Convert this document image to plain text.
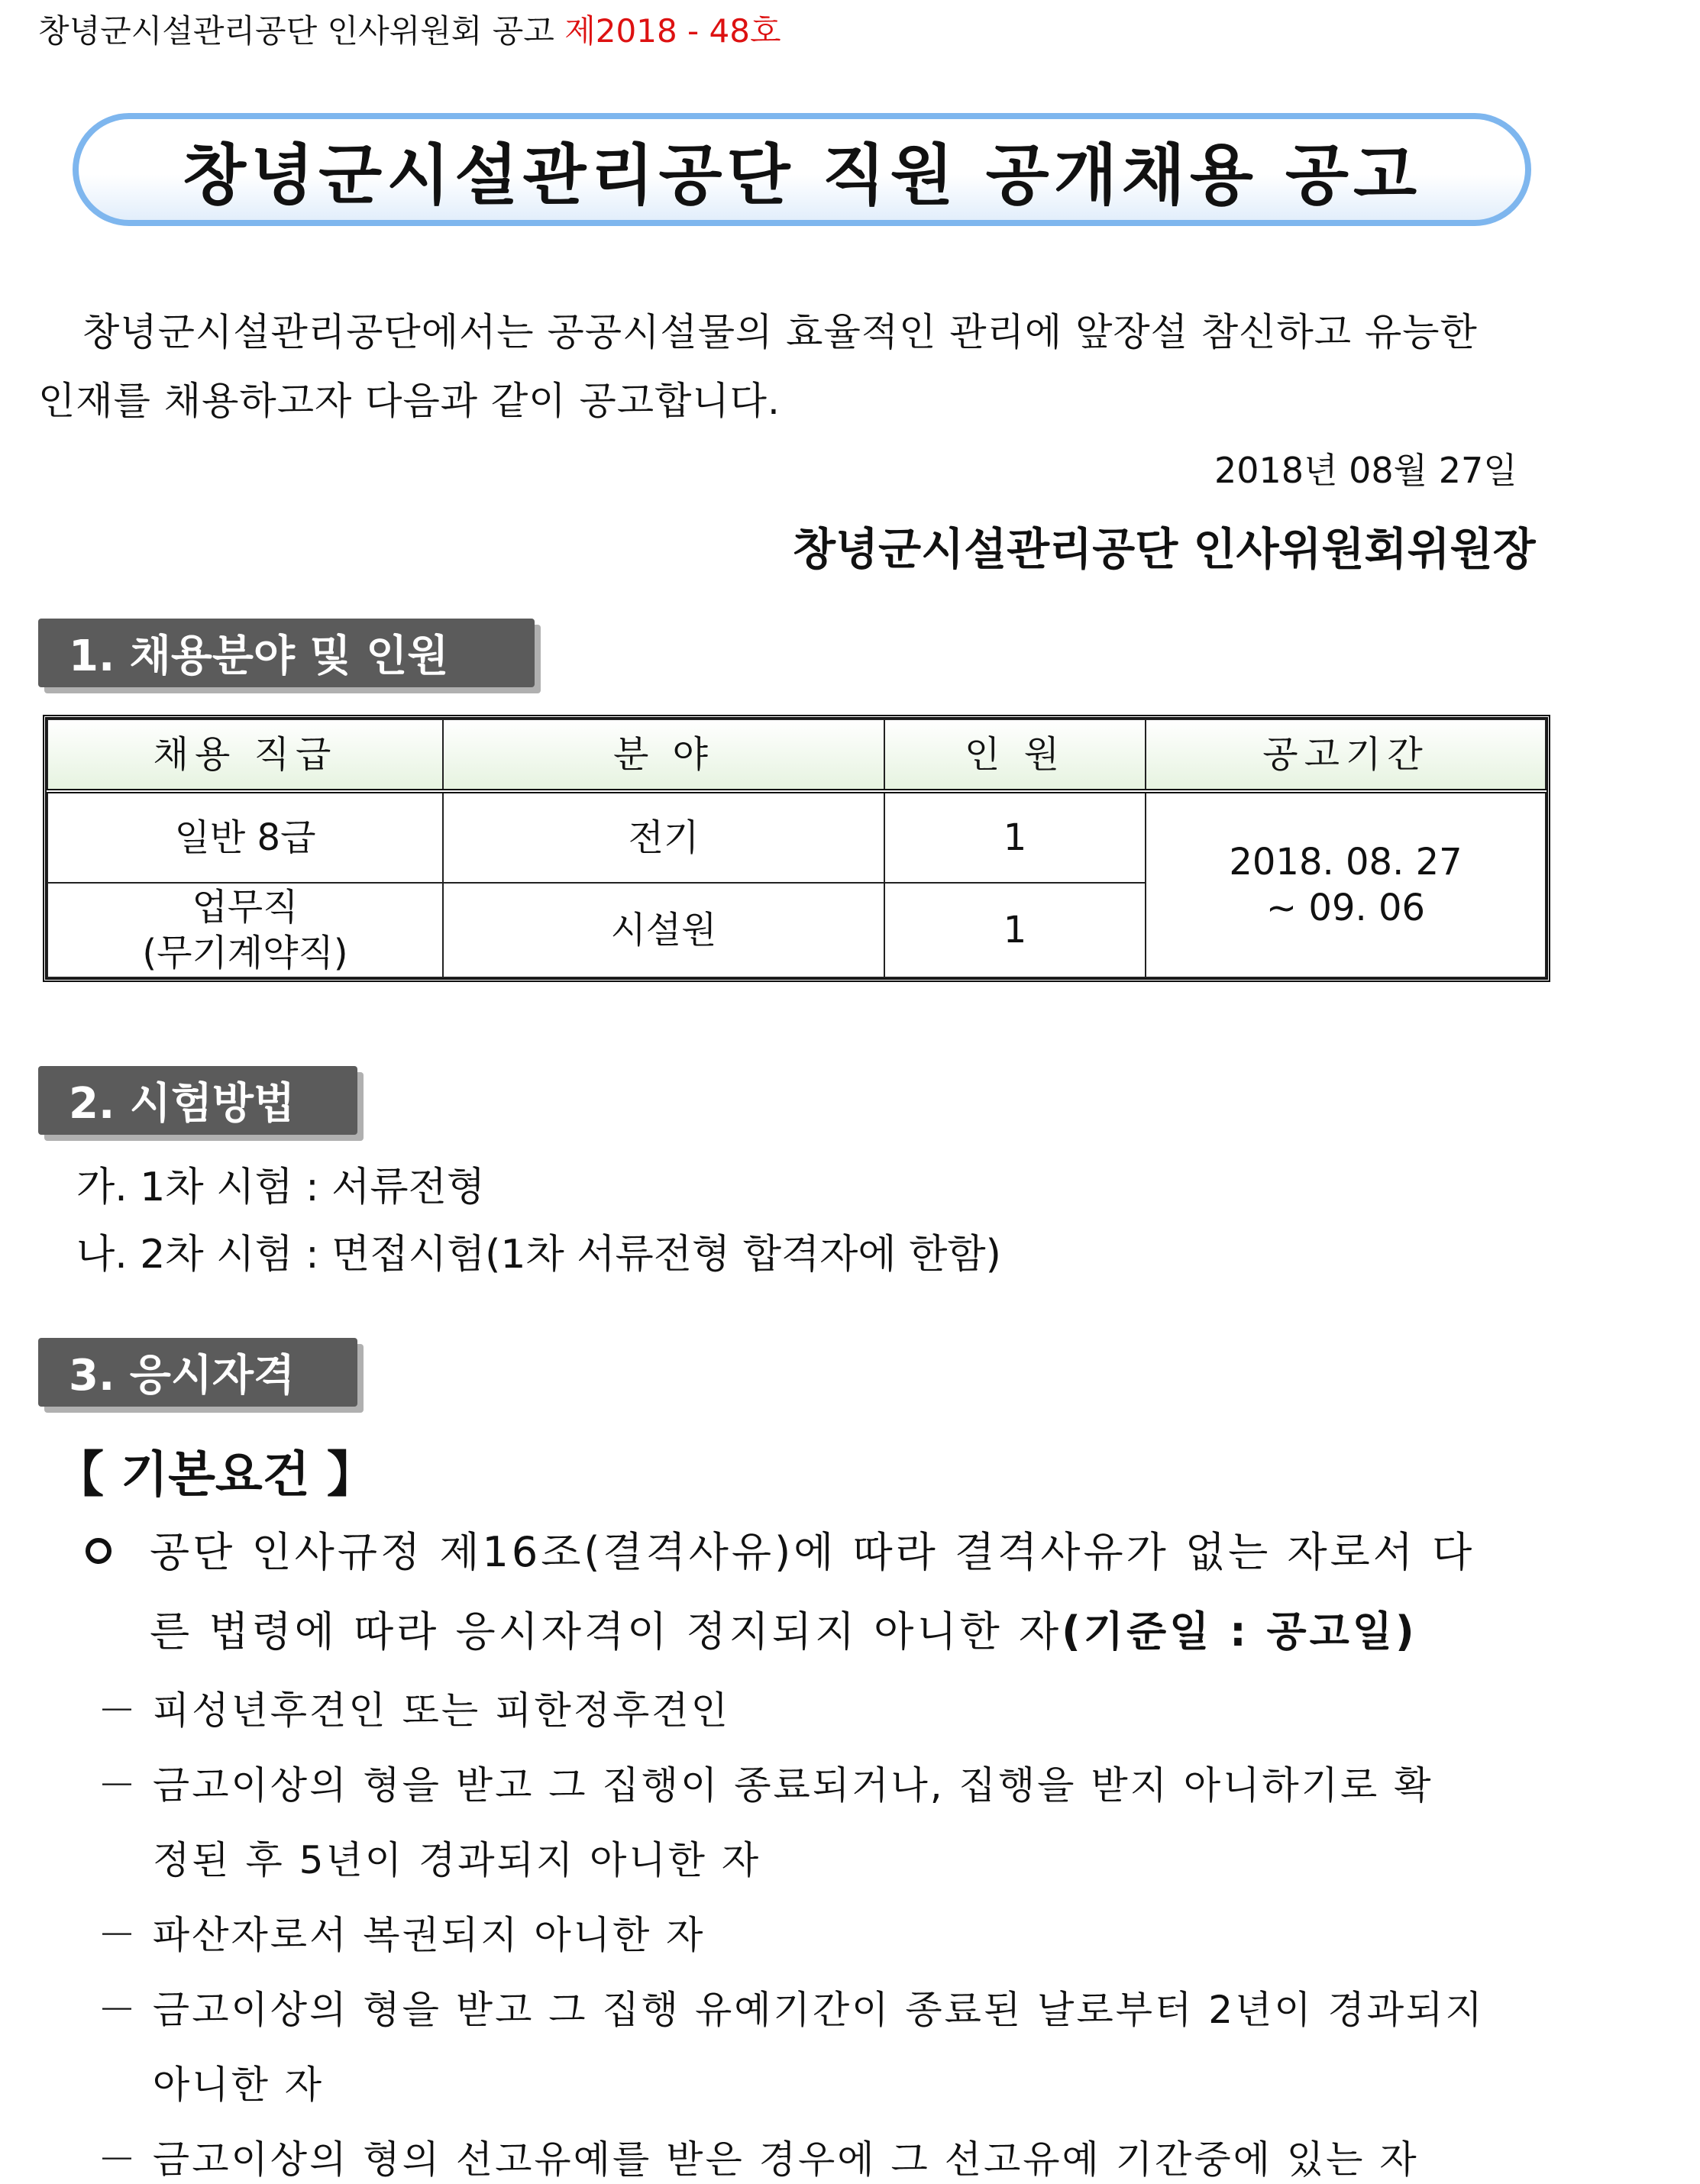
창녕군시설관리공단 인사위원회 공고 제2018 - 48호
창녕군시설관리공단 직원 공개채용 공고
창녕군시설관리공단에서는 공공시설물의 효율적인 관리에 앞장설 참신하고 유능한
인재를 채용하고자 다음과 같이 공고합니다.
2018년 08월 27일
창녕군시설관리공단 인사위원회위원장
1. 채용분야 및 인원
채용 직급	분 야	인 원	공고기간
일반 8급	전기	1	2018. 08. 27
~ 09. 06

업무직
(무기계약직)	시설원	1	
2. 시험방법
가. 1차 시험 : 서류전형
나. 2차 시험 : 면접시험(1차 서류전형 합격자에 한함)
3. 응시자격
【 기본요건 】
공단 인사규정 제16조(결격사유)에 따라 결격사유가 없는 자로서 다
른 법령에 따라 응시자격이 정지되지 아니한 자(기준일 : 공고일)
－ 피성년후견인 또는 피한정후견인
－ 금고이상의 형을 받고 그 집행이 종료되거나, 집행을 받지 아니하기로 확
정된 후 5년이 경과되지 아니한 자
－ 파산자로서 복권되지 아니한 자
－ 금고이상의 형을 받고 그 집행 유예기간이 종료된 날로부터 2년이 경과되지
아니한 자
－ 금고이상의 형의 선고유예를 받은 경우에 그 선고유예 기간중에 있는 자
